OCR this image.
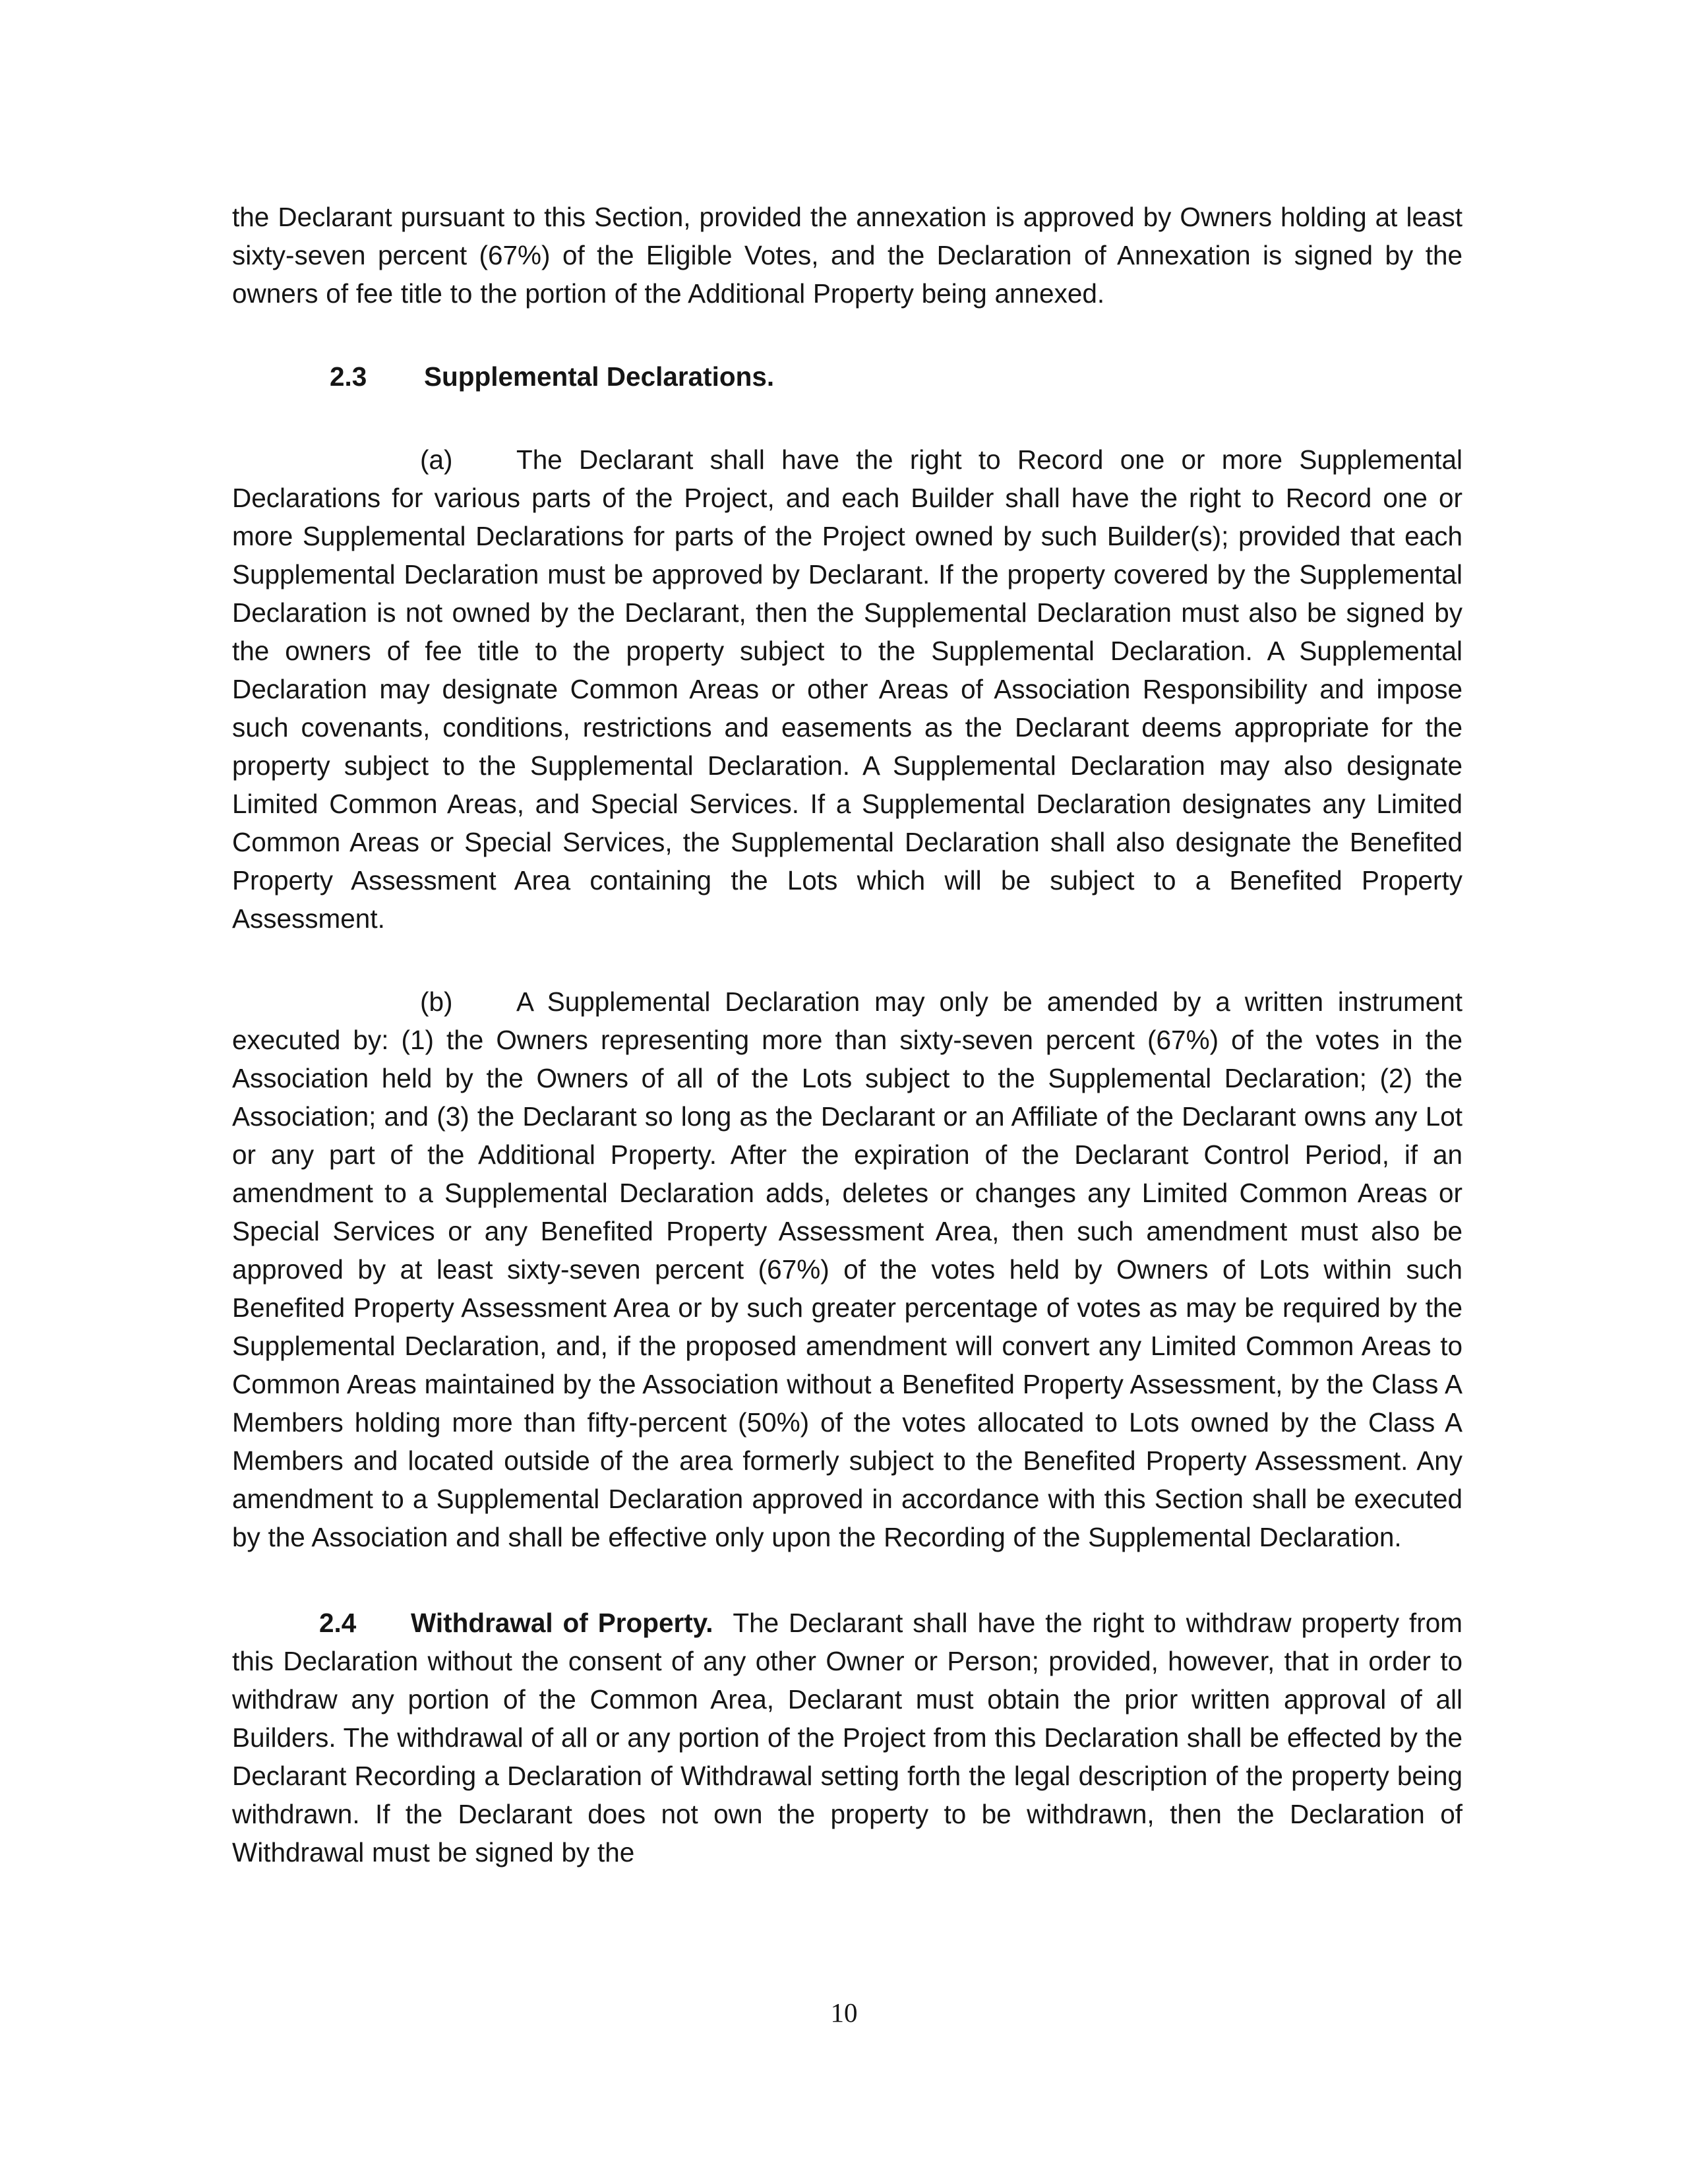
the Declarant pursuant to this Section, provided the annexation is approved by Owners holding at least sixty-seven percent (67%) of the Eligible Votes, and the Declaration of Annexation is signed by the owners of fee title to the portion of the Additional Property being annexed.

2.3 Supplemental Declarations.

(a) The Declarant shall have the right to Record one or more Supplemental Declarations for various parts of the Project, and each Builder shall have the right to Record one or more Supplemental Declarations for parts of the Project owned by such Builder(s); provided that each Supplemental Declaration must be approved by Declarant. If the property covered by the Supplemental Declaration is not owned by the Declarant, then the Supplemental Declaration must also be signed by the owners of fee title to the property subject to the Supplemental Declaration. A Supplemental Declaration may designate Common Areas or other Areas of Association Responsibility and impose such covenants, conditions, restrictions and easements as the Declarant deems appropriate for the property subject to the Supplemental Declaration. A Supplemental Declaration may also designate Limited Common Areas, and Special Services. If a Supplemental Declaration designates any Limited Common Areas or Special Services, the Supplemental Declaration shall also designate the Benefited Property Assessment Area containing the Lots which will be subject to a Benefited Property Assessment.

(b) A Supplemental Declaration may only be amended by a written instrument executed by: (1) the Owners representing more than sixty-seven percent (67%) of the votes in the Association held by the Owners of all of the Lots subject to the Supplemental Declaration; (2) the Association; and (3) the Declarant so long as the Declarant or an Affiliate of the Declarant owns any Lot or any part of the Additional Property. After the expiration of the Declarant Control Period, if an amendment to a Supplemental Declaration adds, deletes or changes any Limited Common Areas or Special Services or any Benefited Property Assessment Area, then such amendment must also be approved by at least sixty-seven percent (67%) of the votes held by Owners of Lots within such Benefited Property Assessment Area or by such greater percentage of votes as may be required by the Supplemental Declaration, and, if the proposed amendment will convert any Limited Common Areas to Common Areas maintained by the Association without a Benefited Property Assessment, by the Class A Members holding more than fifty-percent (50%) of the votes allocated to Lots owned by the Class A Members and located outside of the area formerly subject to the Benefited Property Assessment. Any amendment to a Supplemental Declaration approved in accordance with this Section shall be executed by the Association and shall be effective only upon the Recording of the Supplemental Declaration.

2.4 Withdrawal of Property. The Declarant shall have the right to withdraw property from this Declaration without the consent of any other Owner or Person; provided, however, that in order to withdraw any portion of the Common Area, Declarant must obtain the prior written approval of all Builders. The withdrawal of all or any portion of the Project from this Declaration shall be effected by the Declarant Recording a Declaration of Withdrawal setting forth the legal description of the property being withdrawn. If the Declarant does not own the property to be withdrawn, then the Declaration of Withdrawal must be signed by the

10
